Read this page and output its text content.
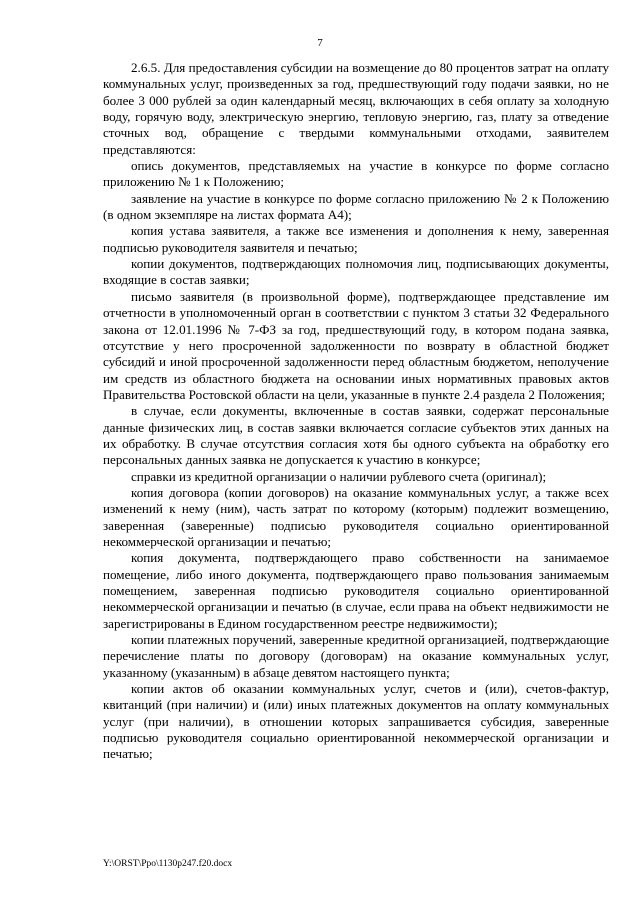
7

2.6.5. Для предоставления субсидии на возмещение до 80 процентов затрат на оплату коммунальных услуг, произведенных за год, предшествующий году подачи заявки, но не более 3 000 рублей за один календарный месяц, включающих в себя оплату за холодную воду, горячую воду, электрическую энергию, тепловую энергию, газ, плату за отведение сточных вод, обращение с твердыми коммунальными отходами, заявителем представляются:

опись документов, представляемых на участие в конкурсе по форме согласно приложению № 1 к Положению;

заявление на участие в конкурсе по форме согласно приложению № 2 к Положению (в одном экземпляре на листах формата А4);

копия устава заявителя, а также все изменения и дополнения к нему, заверенная подписью руководителя заявителя и печатью;

копии документов, подтверждающих полномочия лиц, подписывающих документы, входящие в состав заявки;

письмо заявителя (в произвольной форме), подтверждающее представление им отчетности в уполномоченный орган в соответствии с пунктом 3 статьи 32 Федерального закона от 12.01.1996 № 7-ФЗ за год, предшествующий году, в котором подана заявка, отсутствие у него просроченной задолженности по возврату в областной бюджет субсидий и иной просроченной задолженности перед областным бюджетом, неполучение им средств из областного бюджета на основании иных нормативных правовых актов Правительства Ростовской области на цели, указанные в пункте 2.4 раздела 2 Положения;

в случае, если документы, включенные в состав заявки, содержат персональные данные физических лиц, в состав заявки включается согласие субъектов этих данных на их обработку. В случае отсутствия согласия хотя бы одного субъекта на обработку его персональных данных заявка не допускается к участию в конкурсе;

справки из кредитной организации о наличии рублевого счета (оригинал);

копия договора (копии договоров) на оказание коммунальных услуг, а также всех изменений к нему (ним), часть затрат по которому (которым) подлежит возмещению, заверенная (заверенные) подписью руководителя социально ориентированной некоммерческой организации и печатью;

копия документа, подтверждающего право собственности на занимаемое помещение, либо иного документа, подтверждающего право пользования занимаемым помещением, заверенная подписью руководителя социально ориентированной некоммерческой организации и печатью (в случае, если права на объект недвижимости не зарегистрированы в Едином государственном реестре недвижимости);

копии платежных поручений, заверенные кредитной организацией, подтверждающие перечисление платы по договору (договорам) на оказание коммунальных услуг, указанному (указанным) в абзаце девятом настоящего пункта;

копии актов об оказании коммунальных услуг, счетов и (или), счетов-фактур, квитанций (при наличии) и (или) иных платежных документов на оплату коммунальных услуг (при наличии), в отношении которых запрашивается субсидия, заверенные подписью руководителя социально ориентированной некоммерческой организации и печатью;

Y:\ORST\Ppo\1130p247.f20.docx
